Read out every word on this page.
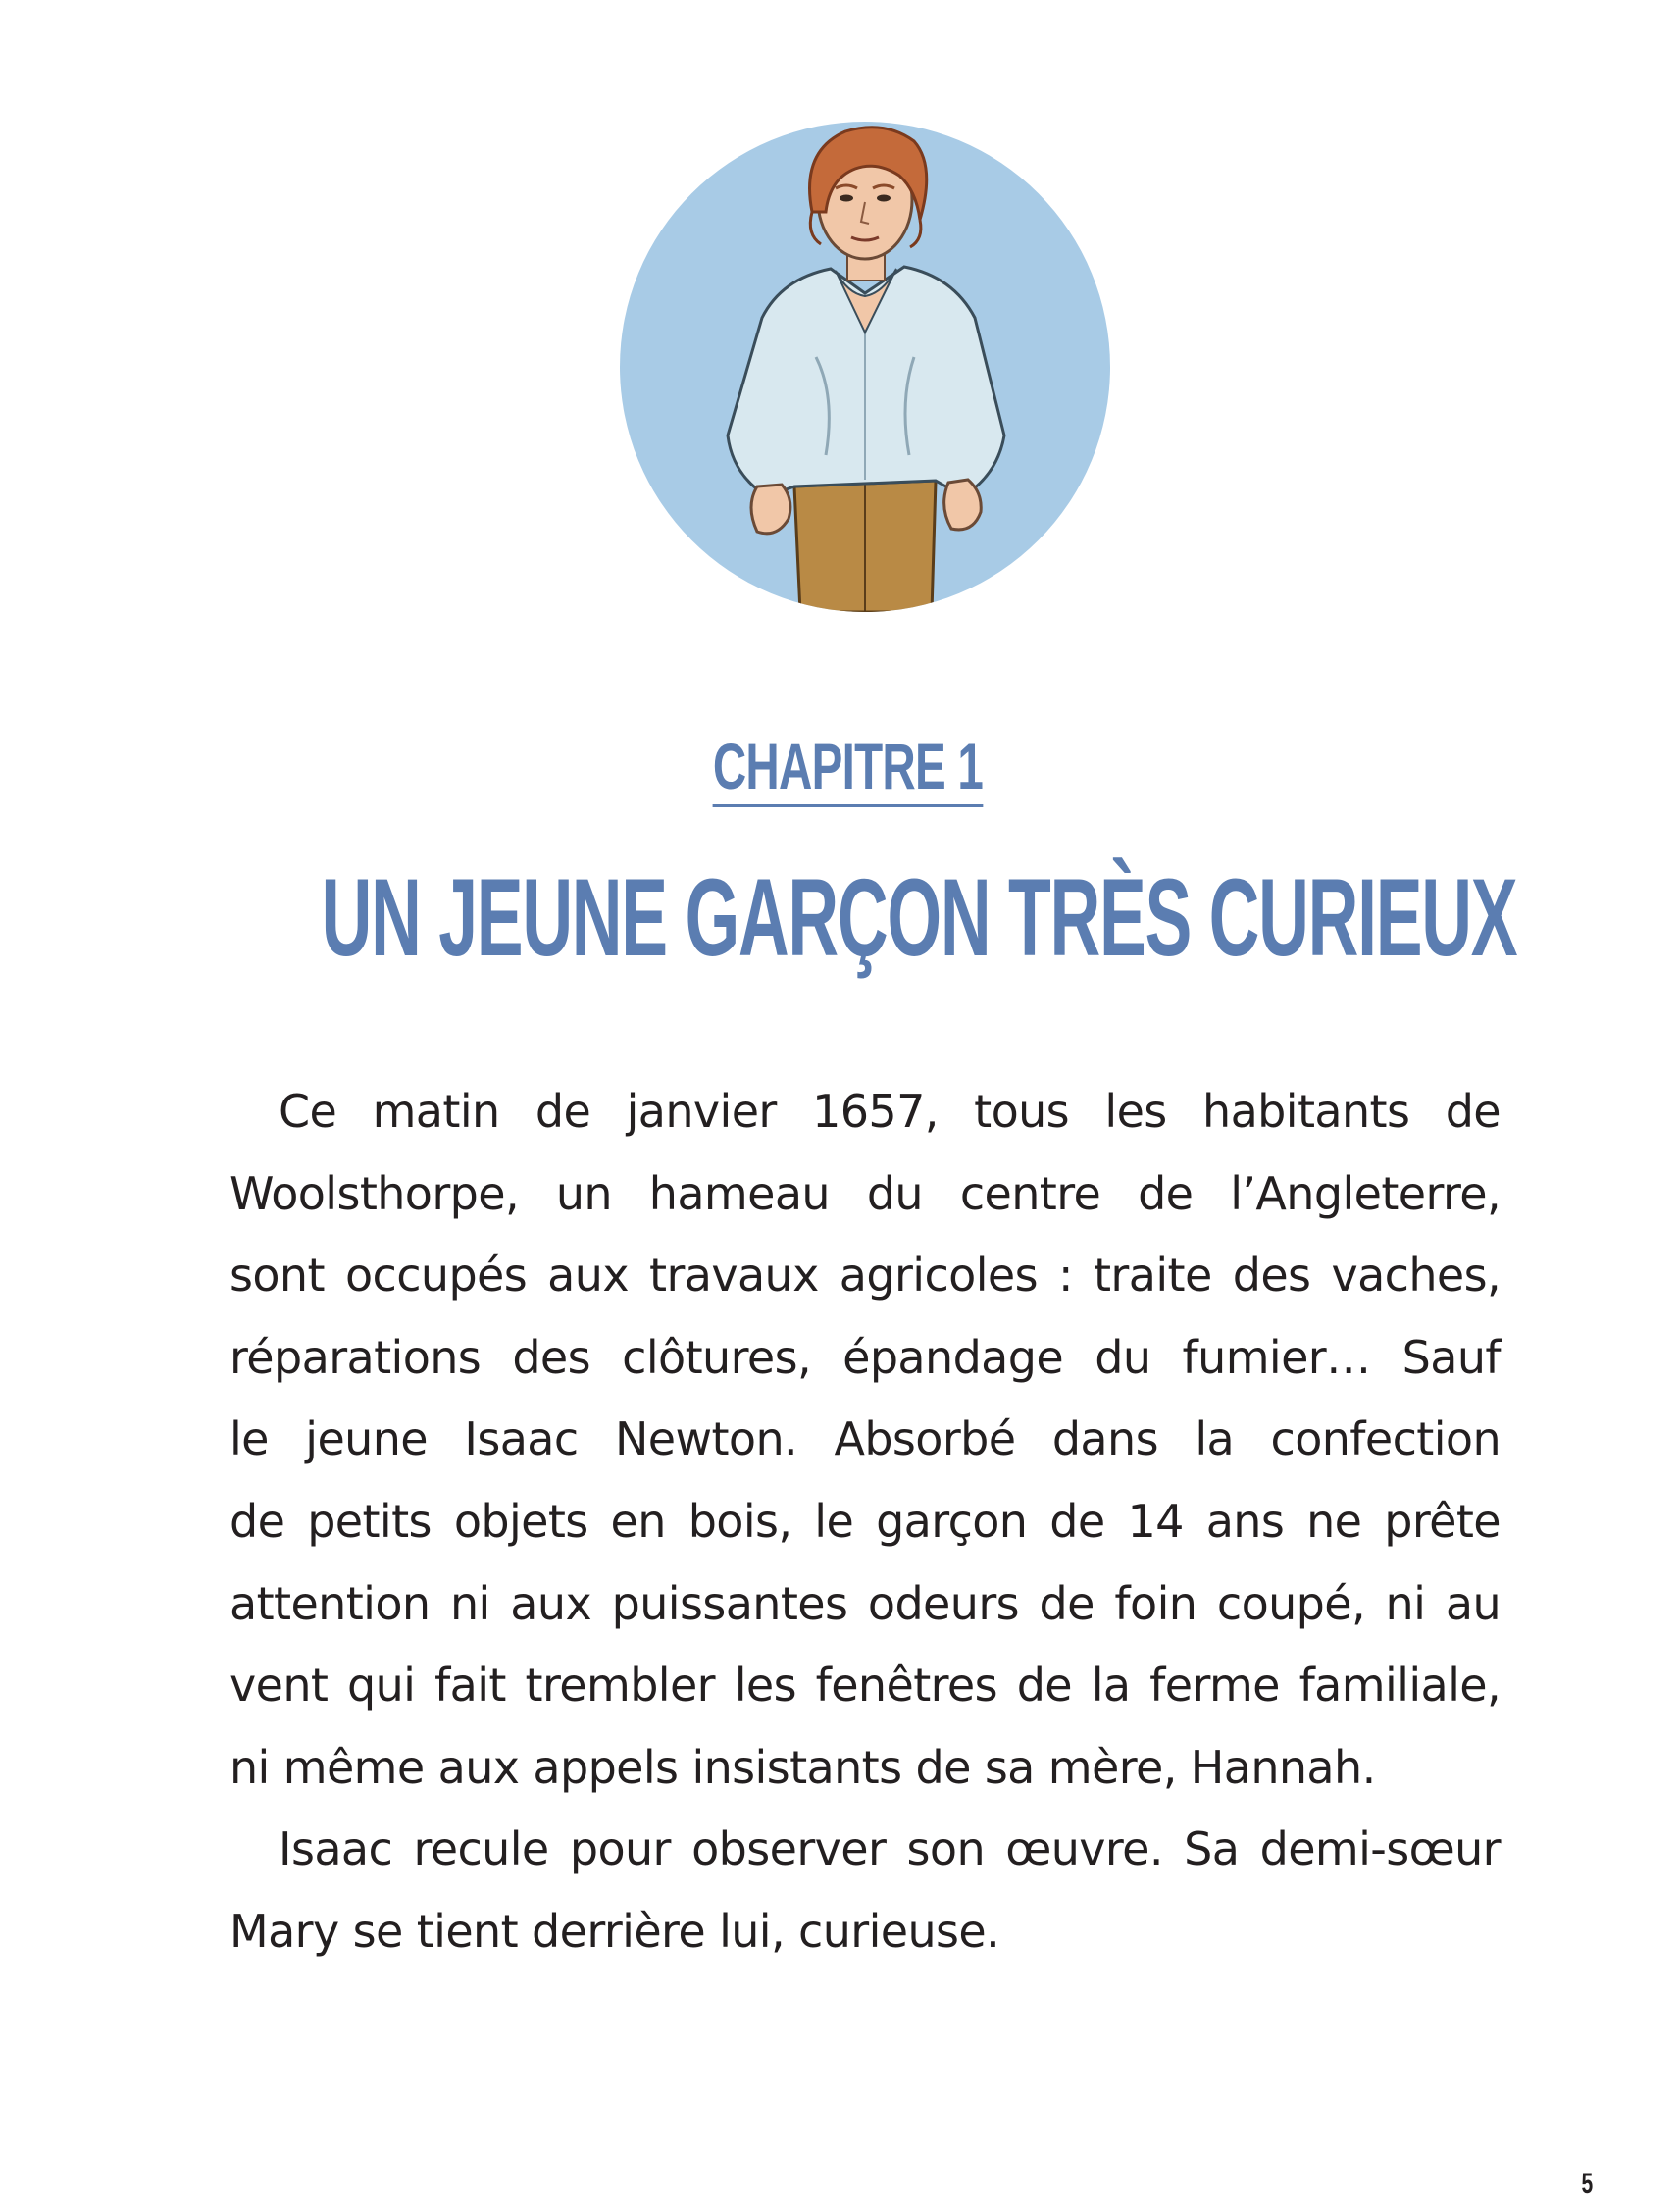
CHAPITRE 1
UN JEUNE GARÇON TRÈS CURIEUX

Ce matin de janvier 1657, tous les habitants de
Woolsthorpe, un hameau du centre de l’Angleterre,
sont occupés aux travaux agricoles : traite des vaches,
réparations des clôtures, épandage du fumier… Sauf
le jeune Isaac Newton. Absorbé dans la confection
de petits objets en bois, le garçon de 14 ans ne prête
attention ni aux puissantes odeurs de foin coupé, ni au
vent qui fait trembler les fenêtres de la ferme familiale,
ni même aux appels insistants de sa mère, Hannah.

Isaac recule pour observer son œuvre. Sa demi-sœur
Mary se tient derrière lui, curieuse.

5
